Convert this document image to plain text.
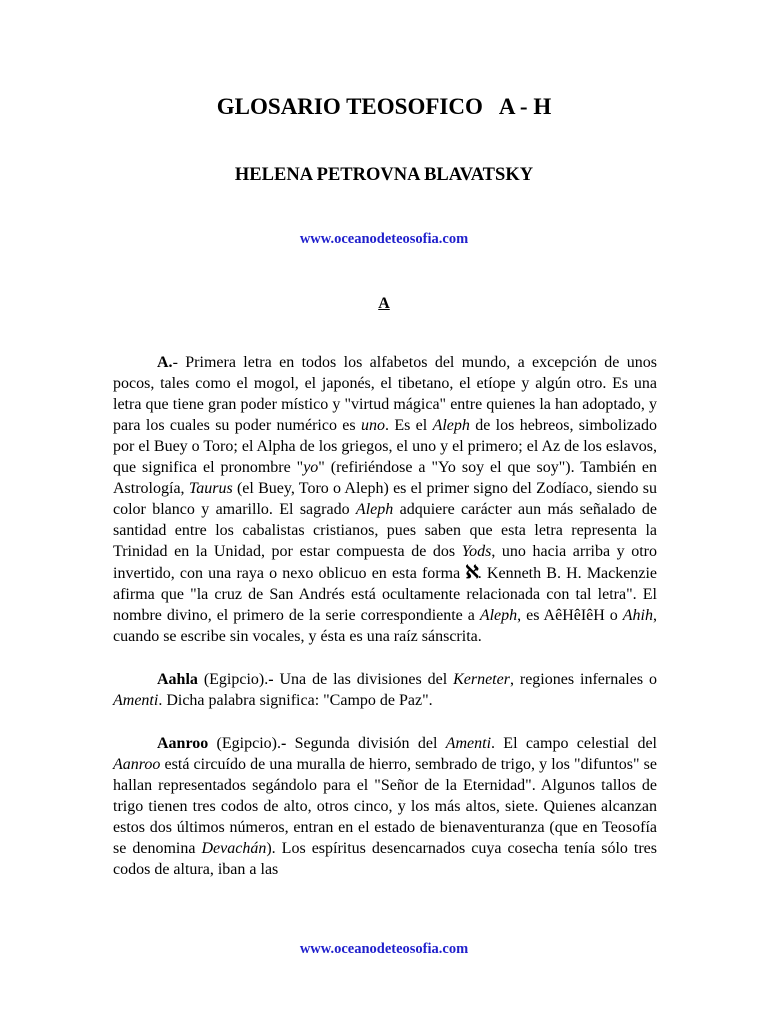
GLOSARIO TEOSOFICO   A - H
HELENA PETROVNA BLAVATSKY
www.oceanodeteosofia.com
A

A.- Primera letra en todos los alfabetos del mundo, a excepción de unos pocos, tales como el mogol, el japonés, el tibetano, el etíope y algún otro. Es una letra que tiene gran poder místico y "virtud mágica" entre quienes la han adoptado, y para los cuales su poder numérico es uno. Es el Aleph de los hebreos, simbolizado por el Buey o Toro; el Alpha de los griegos, el uno y el primero; el Az de los eslavos, que significa el pronombre "yo" (refiriéndose a "Yo soy el que soy"). También en Astrología, Taurus (el Buey, Toro o Aleph) es el primer signo del Zodíaco, siendo su color blanco y amarillo. El sagrado Aleph adquiere carácter aun más señalado de santidad entre los cabalistas cristianos, pues saben que esta letra representa la Trinidad en la Unidad, por estar compuesta de dos Yods, uno hacia arriba y otro invertido, con una raya o nexo oblicuo en esta forma ℵ. Kenneth B. H. Mackenzie afirma que "la cruz de San Andrés está ocultamente relacionada con tal letra". El nombre divino, el primero de la serie correspondiente a Aleph, es AêHêIêH o Ahih, cuando se escribe sin vocales, y ésta es una raíz sánscrita.

Aahla (Egipcio).- Una de las divisiones del Kerneter, regiones infernales o Amenti. Dicha palabra significa: "Campo de Paz".

Aanroo (Egipcio).- Segunda división del Amenti. El campo celestial del Aanroo está circuído de una muralla de hierro, sembrado de trigo, y los "difuntos" se hallan representados segándolo para el "Señor de la Eternidad". Algunos tallos de trigo tienen tres codos de alto, otros cinco, y los más altos, siete. Quienes alcanzan estos dos últimos números, entran en el estado de bienaventuranza (que en Teosofía se denomina Devachán). Los espíritus desencarnados cuya cosecha tenía sólo tres codos de altura, iban a las

www.oceanodeteosofia.com
